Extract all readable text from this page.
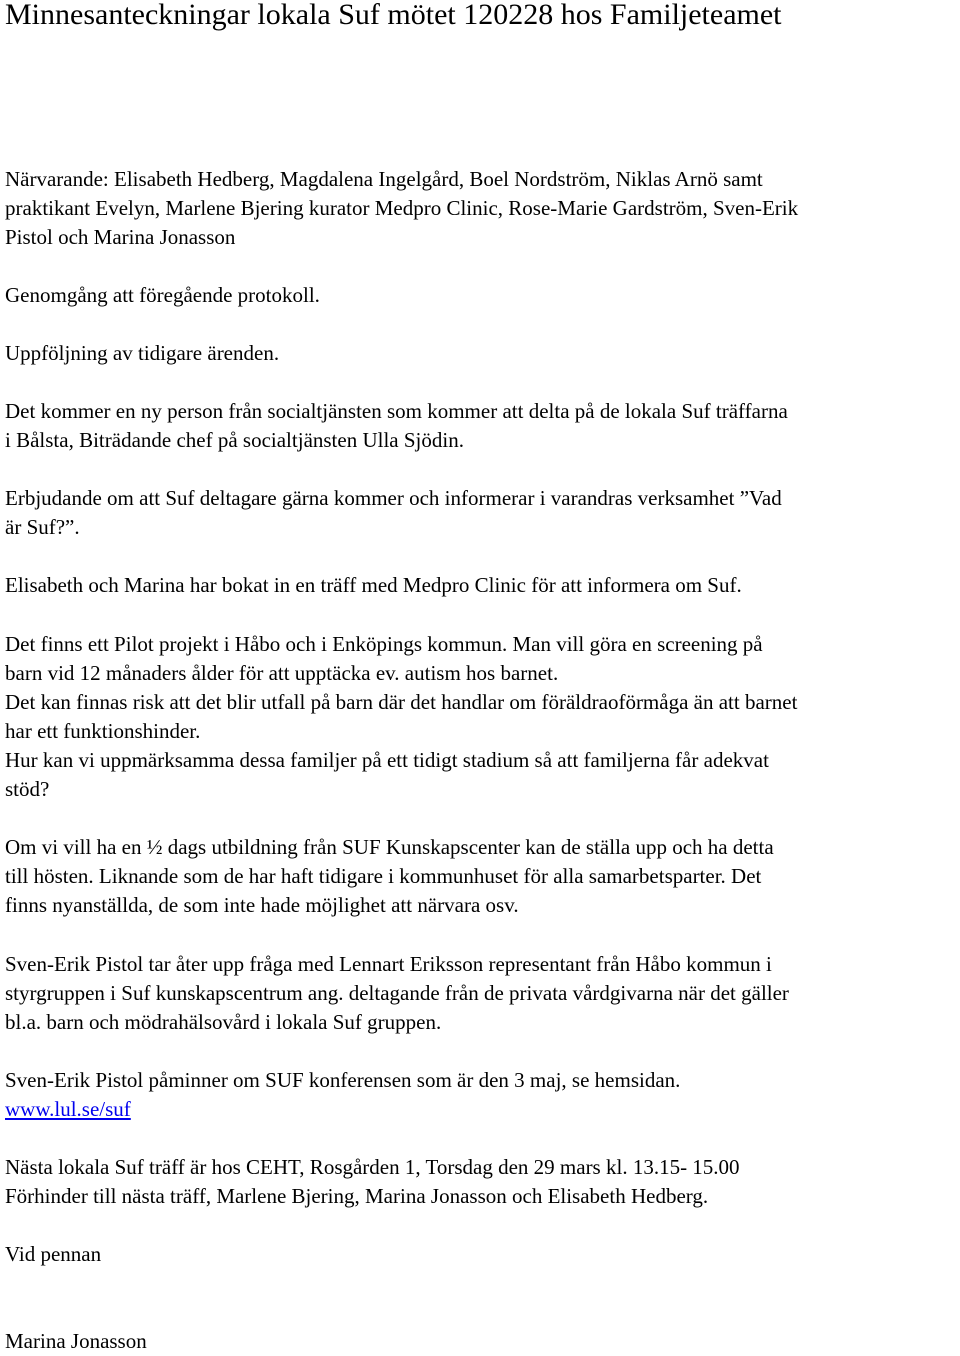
Minnesanteckningar lokala Suf mötet 120228 hos Familjeteamet

Närvarande: Elisabeth Hedberg, Magdalena Ingelgård, Boel Nordström, Niklas Arnö samt
praktikant Evelyn, Marlene Bjering kurator Medpro Clinic, Rose-Marie Gardström, Sven-Erik
Pistol och Marina Jonasson

Genomgång att föregående protokoll.

Uppföljning av tidigare ärenden.

Det kommer en ny person från socialtjänsten som kommer att delta på de lokala Suf träffarna
i Bålsta, Biträdande chef på socialtjänsten Ulla Sjödin.

Erbjudande om att Suf deltagare gärna kommer och informerar i varandras verksamhet ”Vad
är Suf?”.

Elisabeth och Marina har bokat in en träff med Medpro Clinic för att informera om Suf.

Det finns ett Pilot projekt i Håbo och i Enköpings kommun. Man vill göra en screening på
barn vid 12 månaders ålder för att upptäcka ev. autism hos barnet.
Det kan finnas risk att det blir utfall på barn där det handlar om föräldraoförmåga än att barnet
har ett funktionshinder.
Hur kan vi uppmärksamma dessa familjer på ett tidigt stadium så att familjerna får adekvat
stöd?

Om vi vill ha en ½ dags utbildning från SUF Kunskapscenter kan de ställa upp och ha detta
till hösten. Liknande som de har haft tidigare i kommunhuset för alla samarbetsparter. Det
finns nyanställda, de som inte hade möjlighet att närvara osv.

Sven-Erik Pistol tar åter upp fråga med Lennart Eriksson representant från Håbo kommun i
styrgruppen i Suf kunskapscentrum ang. deltagande från de privata vårdgivarna när det gäller
bl.a. barn och mödrahälsovård i lokala Suf gruppen.

Sven-Erik Pistol påminner om SUF konferensen som är den 3 maj, se hemsidan.
www.lul.se/suf

Nästa lokala Suf träff är hos CEHT, Rosgården 1, Torsdag den 29 mars kl. 13.15- 15.00
Förhinder till nästa träff, Marlene Bjering, Marina Jonasson och Elisabeth Hedberg.

Vid pennan

Marina Jonasson
